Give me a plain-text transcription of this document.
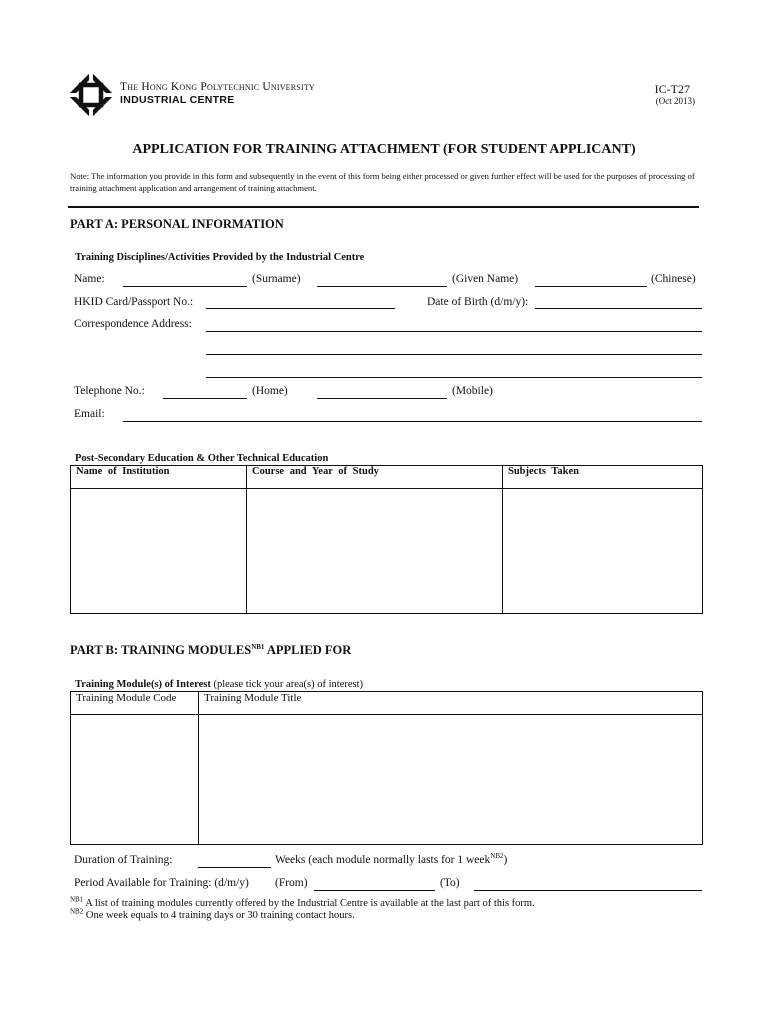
The Hong Kong Polytechnic University
INDUSTRIAL CENTRE
IC-T27
(Oct 2013)
APPLICATION FOR TRAINING ATTACHMENT (FOR STUDENT APPLICANT)
Note: The information you provide in this form and subsequently in the event of this form being either processed or given further effect will be used for the purposes of processing of training attachment application and arrangement of training attachment.
PART A: PERSONAL INFORMATION
Training Disciplines/Activities Provided by the Industrial Centre
Name:	(Surname)	(Given Name)	(Chinese)
HKID Card/Passport No.:	Date of Birth (d/m/y):
Correspondence Address:
Telephone No.:	(Home)	(Mobile)
Email:
Post-Secondary Education & Other Technical Education
Name of Institution	Course and Year of Study	Subjects Taken

PART B: TRAINING $MODULES^{NB1}$ APPLIED FOR
Training Module(s) of Interest (please tick your area(s) of interest)
Training Module Code	Training Module Title

Duration of Training:	Weeks (each module normally lasts for 1 week$^{NB2}$)
Period Available for Training: (d/m/y) (From)	(To)
$^{NB1}$ A list of training modules currently offered by the Industrial Centre is available at the last part of this form.
$^{NB2}$ One week equals to 4 training days or 30 training contact hours.
